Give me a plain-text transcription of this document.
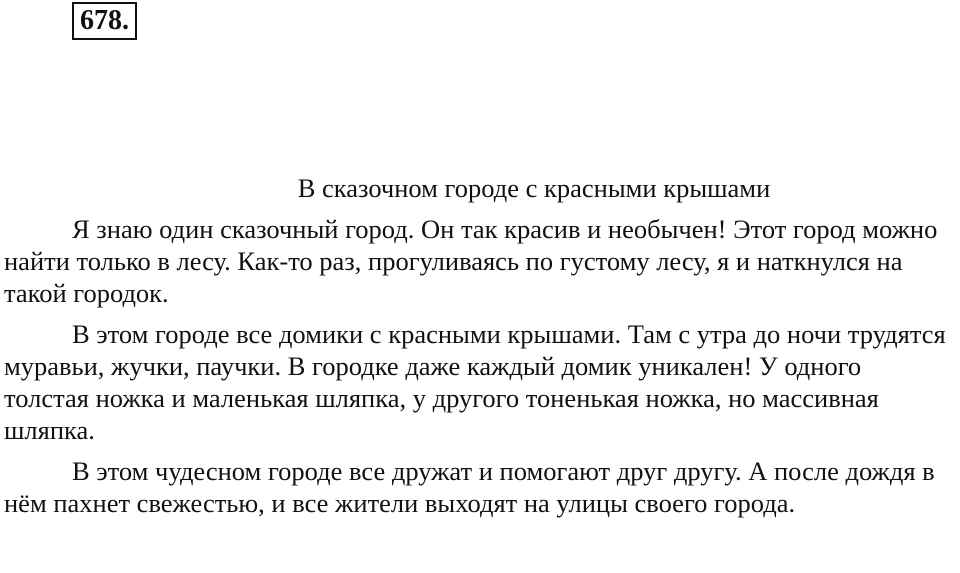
678.
В сказочном городе с красными крышами

Я знаю один сказочный город. Он так красив и необычен! Этот город можно найти только в лесу. Как-то раз, прогуливаясь по густому лесу, я и наткнулся на такой городок.

В этом городе все домики с красными крышами. Там с утра до ночи трудятся муравьи, жучки, паучки. В городке даже каждый домик уникален! У одного толстая ножка и маленькая шляпка, у другого тоненькая ножка, но массивная шляпка.

В этом чудесном городе все дружат и помогают друг другу. А после дождя в нём пахнет свежестью, и все жители выходят на улицы своего города.
